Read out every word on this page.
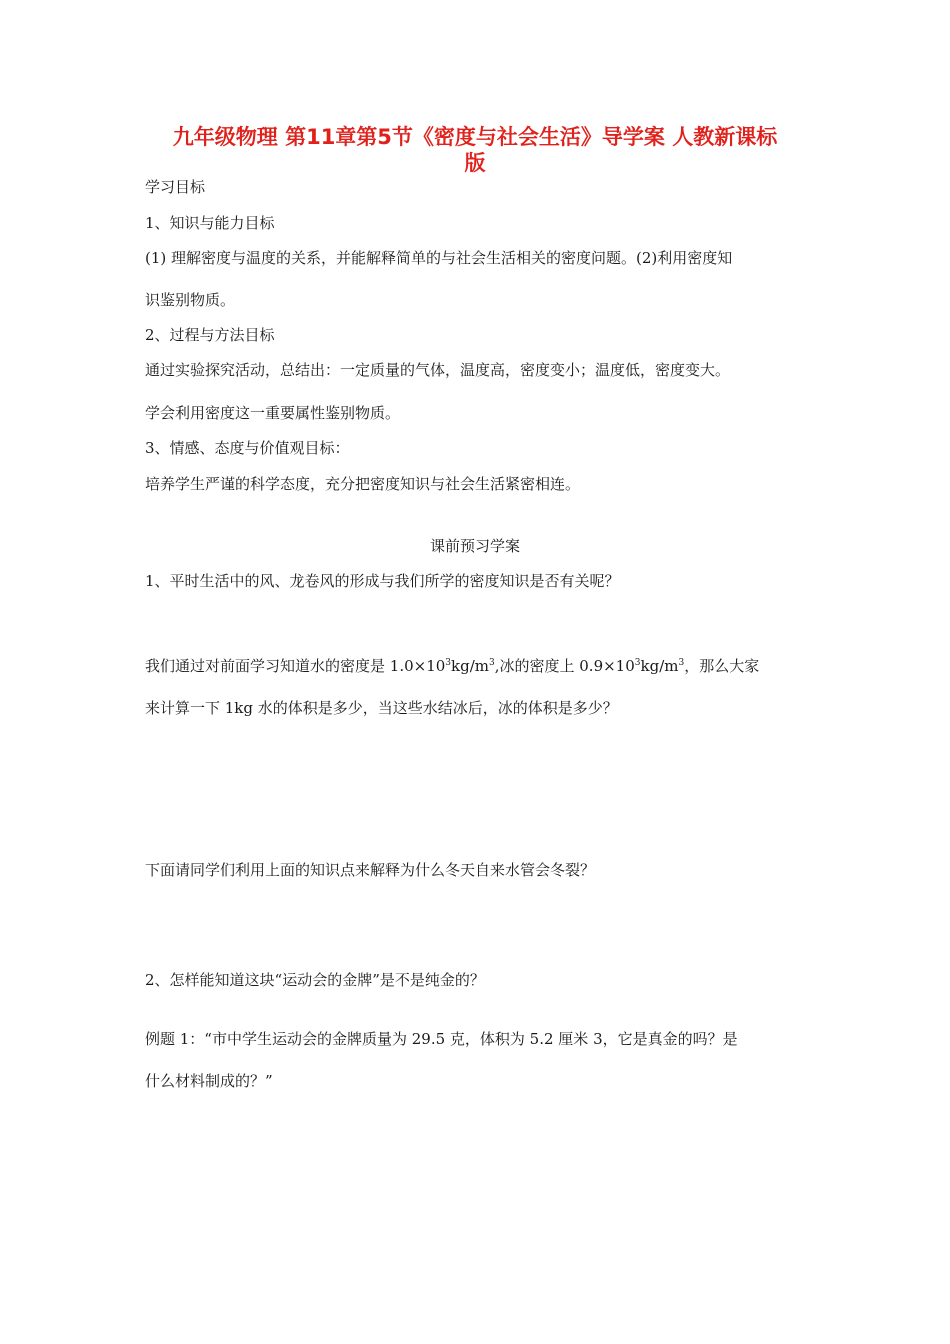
九年级物理 第11章第5节《密度与社会生活》导学案 人教新课标
版
学习目标
1、知识与能力目标
(1) 理解密度与温度的关系，并能解释简单的与社会生活相关的密度问题。(2)利用密度知
识鉴别物质。
2、过程与方法目标
通过实验探究活动，总结出：一定质量的气体，温度高，密度变小；温度低，密度变大。
学会利用密度这一重要属性鉴别物质。
3、情感、态度与价值观目标：
培养学生严谨的科学态度，充分把密度知识与社会生活紧密相连。
课前预习学案
1、平时生活中的风、龙卷风的形成与我们所学的密度知识是否有关呢？
我们通过对前面学习知道水的密度是 $1.0\times 10^3kg/m^3$,冰的密度上 $0.9\times 10^3kg/m^3$，那么大家
来计算一下 1kg 水的体积是多少，当这些水结冰后，冰的体积是多少？
下面请同学们利用上面的知识点来解释为什么冬天自来水管会冬裂？
2、怎样能知道这块“运动会的金牌”是不是纯金的？
例题 1：“市中学生运动会的金牌质量为 29.5 克，体积为 5.2 厘米 3，它是真金的吗？是
什么材料制成的？”
